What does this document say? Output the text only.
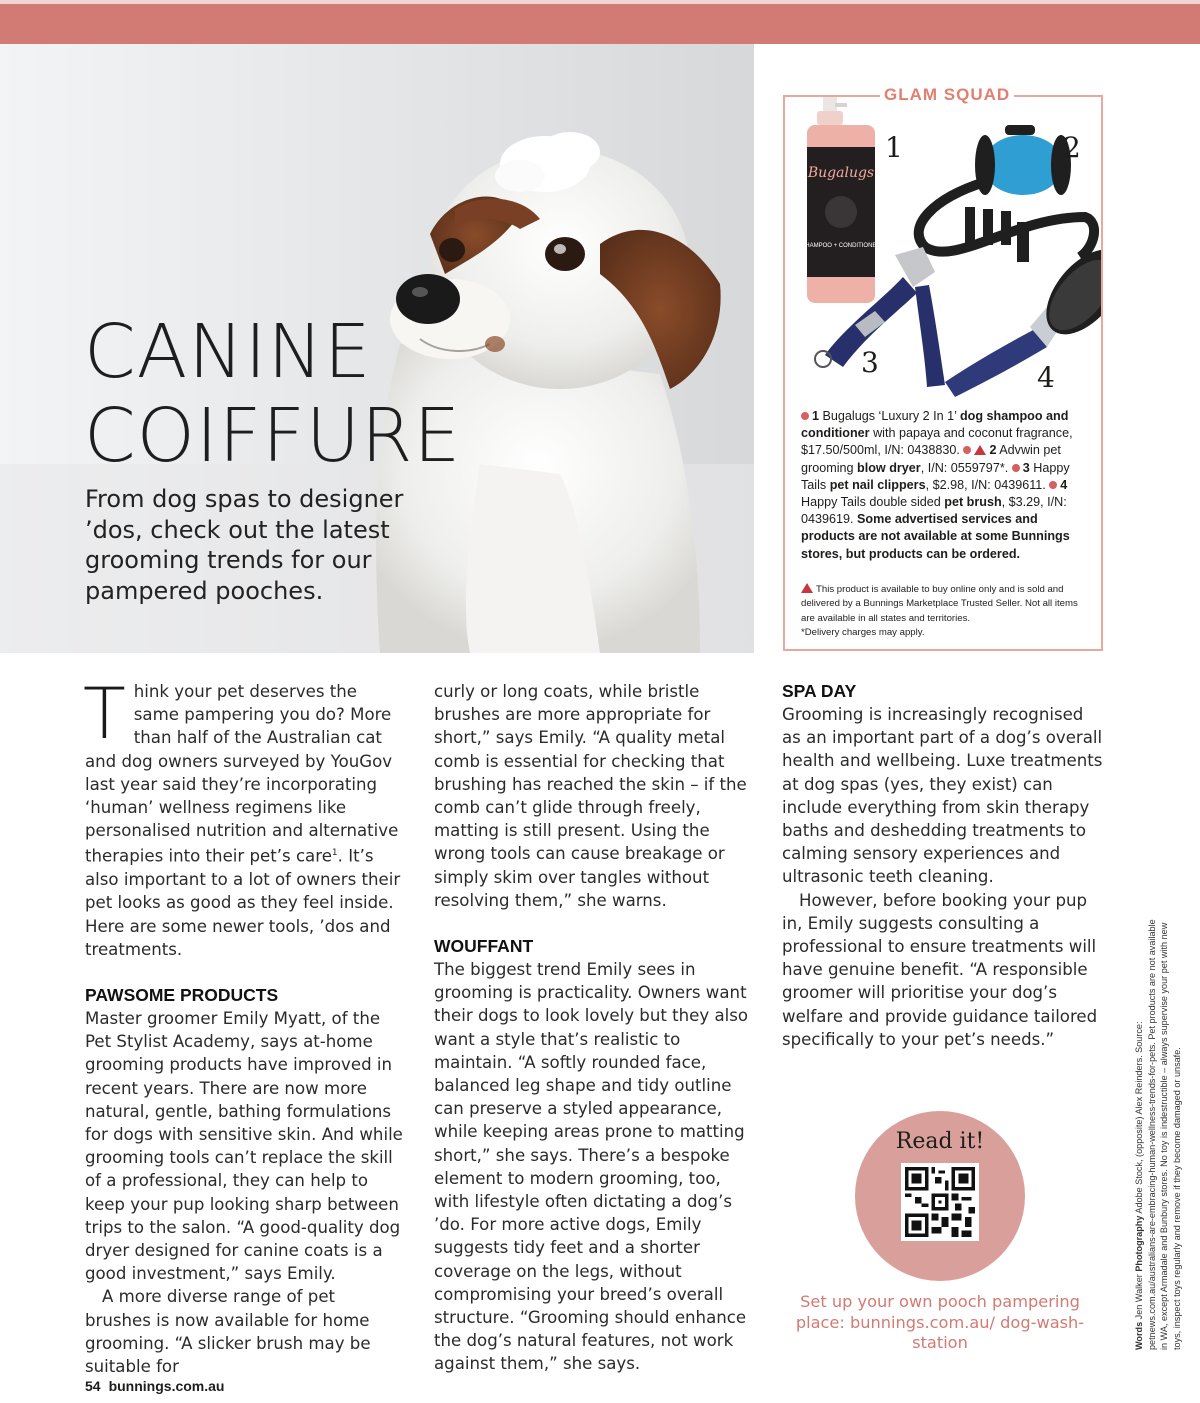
CANINE
COIFFURE
From dog spas to designer ’dos, check out the latest grooming trends for our pampered pooches.
Bugalugs
SHAMPOO + CONDITIONER
1	2
3	4
GLAM SQUAD
1 Bugalugs ‘Luxury 2 In 1’ dog shampoo and conditioner with papaya and coconut fragrance, $17.50/500ml, I/N: 0438830. 2 Advwin pet grooming blow dryer, I/N: 0559797*. 3 Happy Tails pet nail clippers, $2.98, I/N: 0439611. 4 Happy Tails double sided pet brush, $3.29, I/N: 0439619. Some advertised services and products are not available at some Bunnings stores, but products can be ordered.
This product is available to buy online only and is sold and delivered by a Bunnings Marketplace Trusted Seller. Not all items are available in all states and territories.
*Delivery charges may apply.

Think your pet deserves the same pampering you do? More than half of the Australian cat and dog owners surveyed by YouGov last year said they’re incorporating ‘human’ wellness regimens like personalised nutrition and alternative therapies into their pet’s care$^1$. It’s also important to a lot of owners their pet looks as good as they feel inside. Here are some newer tools, ’dos and treatments.

PAWSOME PRODUCTS

Master groomer Emily Myatt, of the Pet Stylist Academy, says at-home grooming products have improved in recent years. There are now more natural, gentle, bathing formulations for dogs with sensitive skin. And while grooming tools can’t replace the skill of a professional, they can help to keep your pup looking sharp between trips to the salon. “A good-quality dog dryer designed for canine coats is a good investment,” says Emily.

A more diverse range of pet brushes is now available for home grooming. “A slicker brush may be suitable for

curly or long coats, while bristle brushes are more appropriate for short,” says Emily. “A quality metal comb is essential for checking that brushing has reached the skin – if the comb can’t glide through freely, matting is still present. Using the wrong tools can cause breakage or simply skim over tangles without resolving them,” she warns.

WOUFFANT

The biggest trend Emily sees in grooming is practicality. Owners want their dogs to look lovely but they also want a style that’s realistic to maintain. “A softly rounded face, balanced leg shape and tidy outline can preserve a styled appearance, while keeping areas prone to matting short,” she says. There’s a bespoke element to modern grooming, too, with lifestyle often dictating a dog’s ’do. For more active dogs, Emily suggests tidy feet and a shorter coverage on the legs, without compromising your breed’s overall structure. “Grooming should enhance the dog’s natural features, not work against them,” she says.

SPA DAY

Grooming is increasingly recognised as an important part of a dog’s overall health and wellbeing. Luxe treatments at dog spas (yes, they exist) can include everything from skin therapy baths and deshedding treatments to calming sensory experiences and ultrasonic teeth cleaning.

However, before booking your pup in, Emily suggests consulting a professional to ensure treatments will have genuine benefit. “A responsible groomer will prioritise your dog’s welfare and provide guidance tailored specifically to your pet’s needs.”

Read it!
Set up your own pooch pampering place: bunnings.com.au/ dog-wash-station
54 bunnings.com.au
Words Jen Walker Photography Adobe Stock, (opposite) Alex Reinders. Source: petnews.com.au/australians-are-embracing-human-wellness-trends-for-pets. Pet products are not available in WA, except Armadale and Bunbury stores. No toy is indestructible – always supervise your pet with new toys, inspect toys regularly and remove if they become damaged or unsafe.
